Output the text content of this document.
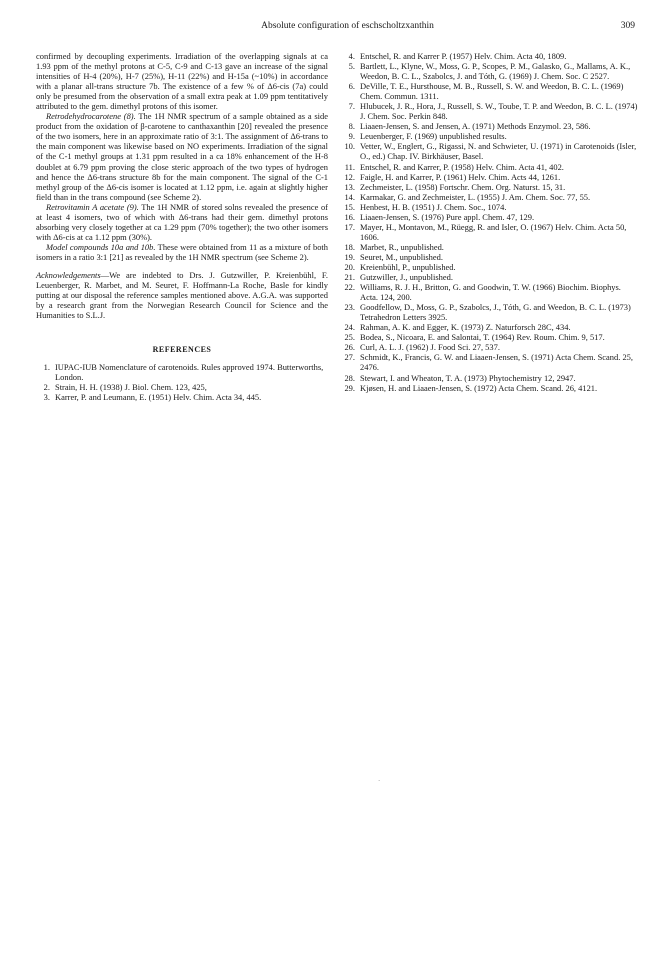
Absolute configuration of eschscholtzxanthin	309

confirmed by decoupling experiments. Irradiation of the overlapping signals at ca 1.93 ppm of the methyl protons at C-5, C-9 and C-13 gave an increase of the signal intensities of H-4 (20%), H-7 (25%), H-11 (22%) and H-15a (~10%) in accordance with a planar all-trans structure 7b. The existence of a few % of Δ6-cis (7a) could only be presumed from the observation of a small extra peak at 1.09 ppm tentitatively attributed to the gem. dimethyl protons of this isomer.

Retrodehydrocarotene (8). The 1H NMR spectrum of a sample obtained as a side product from the oxidation of β-carotene to canthaxanthin [20] revealed the presence of the two isomers, here in an approximate ratio of 3:1. The assignment of Δ6-trans to the main component was likewise based on NO experiments. Irradiation of the signal of the C-1 methyl groups at 1.31 ppm resulted in a ca 18% enhancement of the H-8 doublet at 6.79 ppm proving the close steric approach of the two types of hydrogen and hence the Δ6-trans structure 8b for the main component. The signal of the C-1 methyl group of the Δ6-cis isomer is located at 1.12 ppm, i.e. again at slightly higher field than in the trans compound (see Scheme 2).

Retrovitamin A acetate (9). The 1H NMR of stored solns revealed the presence of at least 4 isomers, two of which with Δ6-trans had their gem. dimethyl protons absorbing very closely together at ca 1.29 ppm (70% together); the two other isomers with Δ6-cis at ca 1.12 ppm (30%).

Model compounds 10a and 10b. These were obtained from 11 as a mixture of both isomers in a ratio 3:1 [21] as revealed by the 1H NMR spectrum (see Scheme 2).

Acknowledgements—We are indebted to Drs. J. Gutzwiller, P. Kreienbühl, F. Leuenberger, R. Marbet, and M. Seuret, F. Hoffmann-La Roche, Basle for kindly putting at our disposal the reference samples mentioned above. A.G.A. was supported by a research grant from the Norwegian Research Council for Science and the Humanities to S.L.J.

REFERENCES
1. IUPAC-IUB Nomenclature of carotenoids. Rules approved 1974. Butterworths, London.
2. Strain, H. H. (1938) J. Biol. Chem. 123, 425,
3. Karrer, P. and Leumann, E. (1951) Helv. Chim. Acta 34, 445.
4. Entschel, R. and Karrer P. (1957) Helv. Chim. Acta 40, 1809.
5. Bartlett, L., Klyne, W., Moss, G. P., Scopes, P. M., Galasko, G., Mallams, A. K., Weedon, B. C. L., Szabolcs, J. and Tóth, G. (1969) J. Chem. Soc. C 2527.
6. DeVille, T. E., Hursthouse, M. B., Russell, S. W. and Weedon, B. C. L. (1969) Chem. Commun. 1311.
7. Hlubucek, J. R., Hora, J., Russell, S. W., Toube, T. P. and Weedon, B. C. L. (1974) J. Chem. Soc. Perkin 848.
8. Liaaen-Jensen, S. and Jensen, A. (1971) Methods Enzymol. 23, 586.
9. Leuenberger, F. (1969) unpublished results.
10. Vetter, W., Englert, G., Rigassi, N. and Schwieter, U. (1971) in Carotenoids (Isler, O., ed.) Chap. IV. Birkhäuser, Basel.
11. Entschel, R. and Karrer, P. (1958) Helv. Chim. Acta 41, 402.
12. Faigle, H. and Karrer, P. (1961) Helv. Chim. Acts 44, 1261.
13. Zechmeister, L. (1958) Fortschr. Chem. Org. Naturst. 15, 31.
14. Karmakar, G. and Zechmeister, L. (1955) J. Am. Chem. Soc. 77, 55.
15. Henbest, H. B. (1951) J. Chem. Soc., 1074.
16. Liaaen-Jensen, S. (1976) Pure appl. Chem. 47, 129.
17. Mayer, H., Montavon, M., Rüegg, R. and Isler, O. (1967) Helv. Chim. Acta 50, 1606.
18. Marbet, R., unpublished.
19. Seuret, M., unpublished.
20. Kreienbühl, P., unpublished.
21. Gutzwiller, J., unpublished.
22. Williams, R. J. H., Britton, G. and Goodwin, T. W. (1966) Biochim. Biophys. Acta. 124, 200.
23. Goodfellow, D., Moss, G. P., Szabolcs, J., Tóth, G. and Weedon, B. C. L. (1973) Tetrahedron Letters 3925.
24. Rahman, A. K. and Egger, K. (1973) Z. Naturforsch 28C, 434.
25. Bodea, S., Nicoara, E. and Salontai, T. (1964) Rev. Roum. Chim. 9, 517.
26. Curl, A. L. J. (1962) J. Food Sci. 27, 537.
27. Schmidt, K., Francis, G. W. and Liaaen-Jensen, S. (1971) Acta Chem. Scand. 25, 2476.
28. Stewart, I. and Wheaton, T. A. (1973) Phytochemistry 12, 2947.
29. Kjøsen, H. and Liaaen-Jensen, S. (1972) Acta Chem. Scand. 26, 4121.
`
